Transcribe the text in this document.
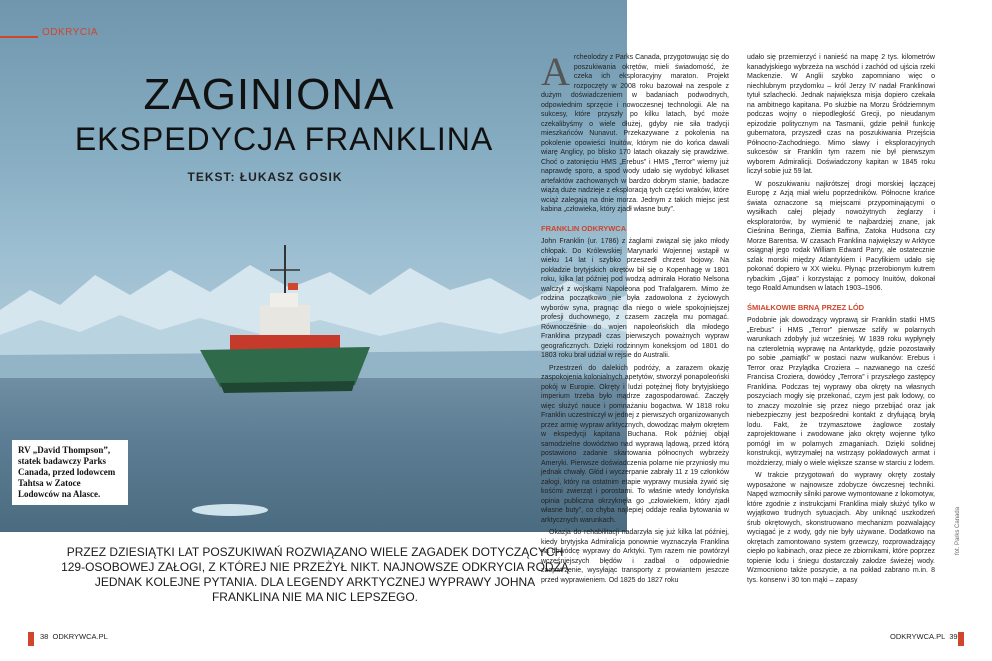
RV „David Thompson”, statek badawczy Parks Canada, przed lodowcem Tahtsa w Zatoce Lodowców na Alasce.
ODKRYCIA
ZAGINIONA
EKSPEDYCJA FRANKLINA
TEKST: ŁUKASZ GOSIK
PRZEZ DZIESIĄTKI LAT POSZUKIWAŃ ROZWIĄZANO WIELE ZAGADEK DOTYCZĄCYCH 129-OSOBOWEJ ZAŁOGI, Z KTÓREJ NIE PRZEŻYŁ NIKT. NAJNOWSZE ODKRYCIA RODZĄ JEDNAK KOLEJNE PYTANIA. DLA LEGENDY ARKTYCZNEJ WYPRAWY JOHNA FRANKLINA NIE MA NIC LEPSZEGO.

Archeolodzy z Parks Canada, przygotowując się do poszukiwania okrętów, mieli świadomość, że czeka ich eksploracyjny maraton. Projekt rozpoczęty w 2008 roku bazował na zespole z dużym doświadczeniem w badaniach podwodnych, odpowiednim sprzęcie i nowoczesnej technologii. Ale na sukcesy, które przyszły po kilku latach, być może czekalibyśmy o wiele dłużej, gdyby nie siła tradycji mieszkańców Nunavut. Przekazywane z pokolenia na pokolenie opowieści Inuitów, którym nie do końca dawali wiarę Anglicy, po blisko 170 latach okazały się prawdziwe. Choć o zatonięciu HMS „Erebus” i HMS „Terror” wiemy już naprawdę sporo, a spod wody udało się wydobyć kilkaset artefaktów zachowanych w bardzo dobrym stanie, badacze wiążą duże nadzieje z eksploracją tych części wraków, które wciąż zalegają na dnie morza. Jednym z takich miejsc jest kabina „człowieka, który zjadł własne buty”.

FRANKLIN ODKRYWCA

John Franklin (ur. 1786) z żaglami związał się jako młody chłopak. Do Królewskiej Marynarki Wojennej wstąpił w wieku 14 lat i szybko przeszedł chrzest bojowy. Na pokładzie brytyjskich okrętów bił się o Kopenhagę w 1801 roku, kilka lat później pod wodzą admirała Horatio Nelsona walczył z wojskami Napoleona pod Trafalgarem. Mimo że rodzina początkowo nie była zadowolona z życiowych wyborów syna, pragnąc dla niego o wiele spokojniejszej profesji duchownego, z czasem zaczęła mu pomagać. Równocześnie do wojen napoleońskich dla młodego Franklina przypadł czas pierwszych poważnych wypraw geograficznych. Dzięki rodzinnym koneksjom od 1801 do 1803 roku brał udział w rejsie do Australii.

Przestrzeń do dalekich podróży, a zarazem okazję zaspokojenia kolonialnych apetytów, stworzył ponapoleoński pokój w Europie. Okręty i ludzi potężnej floty brytyjskiego imperium trzeba było mądrze zagospodarować. Zaczęły więc służyć nauce i pomnażaniu bogactwa. W 1818 roku Franklin uczestniczył w jednej z pierwszych organizowanych przez armię wypraw arktycznych, dowodząc małym okrętem w ekspedycji kapitana Buchana. Rok później objął samodzielne dowództwo nad wyprawą lądową, przed którą postawiono zadanie skartowania północnych wybrzeży Ameryki. Pierwsze doświadczenia polarne nie przyniosły mu jednak chwały. Głód i wyczerpanie zabrały 11 z 19 członków załogi, który na ostatnim etapie wyprawy musiała żywić się kośćmi zwierząt i porostami. To właśnie wtedy londyńska opinia publiczna okrzyknęła go „człowiekiem, który zjadł własne buty”, co chyba najlepiej oddaje realia bytowania w arktycznych warunkach.

Okazja do rehabilitacji nadarzyła się już kilka lat później, kiedy brytyjska Admiralicja ponownie wyznaczyła Franklina na dowódcę wyprawy do Arktyki. Tym razem nie powtórzył wcześniejszych błędów i zadbał o odpowiednie zaopatrzenie, wysyłając transporty z prowiantem jeszcze przed wyprawieniem. Od 1825 do 1827 roku

udało się przemierzyć i nanieść na mapę 2 tys. kilometrów kanadyjskiego wybrzeża na wschód i zachód od ujścia rzeki Mackenzie. W Anglii szybko zapomniano więc o niechlubnym przydomku – król Jerzy IV nadał Franklinowi tytuł szlachecki. Jednak największa misja dopiero czekała na ambitnego kapitana. Po służbie na Morzu Śródziemnym podczas wojny o niepodległość Grecji, po nieudanym epizodzie politycznym na Tasmanii, gdzie pełnił funkcję gubernatora, przyszedł czas na poszukiwania Przejścia Północno-Zachodniego. Mimo sławy i eksploracyjnych sukcesów sir Franklin tym razem nie był pierwszym wyborem Admiralicji. Doświadczony kapitan w 1845 roku liczył sobie już 59 lat.

W poszukiwaniu najkrótszej drogi morskiej łączącej Europę z Azją miał wielu poprzedników. Północne krańce świata oznaczone są miejscami przypominającymi o wysiłkach całej plejady nowożytnych żeglarzy i eksploratorów, by wymienić te najbardziej znane, jak Cieśnina Beringa, Ziemia Baffina, Zatoka Hudsona czy Morze Barentsa. W czasach Franklina największy w Arktyce osiągnął jego rodak William Edward Parry, ale ostatecznie szlak morski między Atlantykiem i Pacyfikiem udało się pokonać dopiero w XX wieku. Płynąc przerobionym kutrem rybackim „Gjøa” i korzystając z pomocy Inuitów, dokonał tego Roald Amundsen w latach 1903–1906.

ŚMIAŁKOWIE BRNĄ PRZEZ LÓD

Podobnie jak dowodzący wyprawą sir Franklin statki HMS „Erebus” i HMS „Terror” pierwsze szlify w polarnych warunkach zdobyły już wcześniej. W 1839 roku wypłynęły na czteroletnią wyprawę na Antarktydę, gdzie pozostawiły po sobie „pamiątki” w postaci nazw wulkanów: Erebus i Terror oraz Przylądka Croziera – nazwanego na cześć Francisa Croziera, dowódcy „Terrora” i przyszłego zastępcy Franklina. Podczas tej wyprawy oba okręty na własnych poszyciach mogły się przekonać, czym jest pak lodowy, co to znaczy mozolnie się przez niego przebijać oraz jak niebezpieczny jest bezpośredni kontakt z dryfującą bryłą lodu. Fakt, że trzymasztowe żaglowce zostały zaprojektowane i zwodowane jako okręty wojenne tylko pomógł im w polarnych zmaganiach. Dzięki solidnej konstrukcji, wytrzymałej na wstrząsy pokładowych armat i możdzierzy, miały o wiele większe szanse w starciu z lodem.

W trakcie przygotowań do wyprawy okręty zostały wyposażone w najnowsze zdobycze ówczesnej techniki. Napęd wzmocniły silniki parowe wymontowane z lokomotyw, które zgodnie z instrukcjami Franklina miały służyć tylko w wyjątkowo trudnych sytuacjach. Aby uniknąć uszkodzeń śrub okrętowych, skonstruowano mechanizm pozwalający wyciągać je z wody, gdy nie były używane. Dodatkowo na okrętach zamontowano system grzewczy, rozprowadzający ciepło po kabinach, oraz piece ze zbiornikami, które poprzez topienie lodu i śniegu dostarczały załodze świeżej wody. Wzmocniono także poszycie, a na pokład zabrano m.in. 8 tys. konserw i 30 ton mąki – zapasy

fot. Parks Canada
38 ODKRYWCA.PL	ODKRYWCA.PL 39
